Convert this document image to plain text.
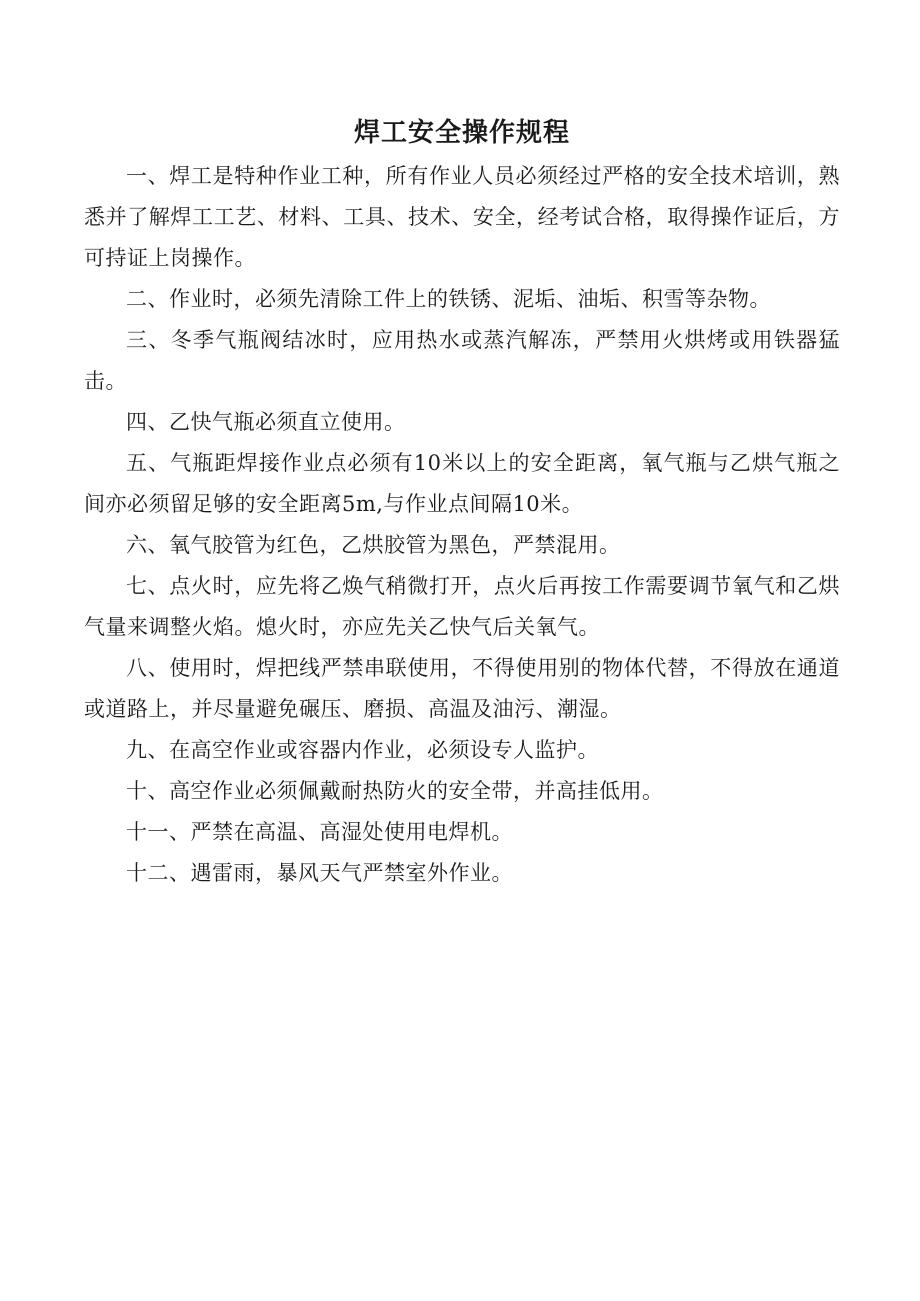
焊工安全操作规程

一、焊工是特种作业工种，所有作业人员必须经过严格的安全技术培训，熟悉并了解焊工工艺、材料、工具、技术、安全，经考试合格，取得操作证后，方可持证上岗操作。

二、作业时，必须先清除工件上的铁锈、泥垢、油垢、积雪等杂物。

三、冬季气瓶阀结冰时，应用热水或蒸汽解冻，严禁用火烘烤或用铁器猛击。

四、乙快气瓶必须直立使用。

五、气瓶距焊接作业点必须有10米以上的安全距离，氧气瓶与乙烘气瓶之间亦必须留足够的安全距离5m,与作业点间隔10米。

六、氧气胶管为红色，乙烘胶管为黑色，严禁混用。

七、点火时，应先将乙焕气稍微打开，点火后再按工作需要调节氧气和乙烘气量来调整火焰。熄火时，亦应先关乙快气后关氧气。

八、使用时，焊把线严禁串联使用，不得使用别的物体代替，不得放在通道或道路上，并尽量避免碾压、磨损、高温及油污、潮湿。

九、在高空作业或容器内作业，必须设专人监护。

十、高空作业必须佩戴耐热防火的安全带，并高挂低用。

十一、严禁在高温、高湿处使用电焊机。

十二、遇雷雨，暴风天气严禁室外作业。
